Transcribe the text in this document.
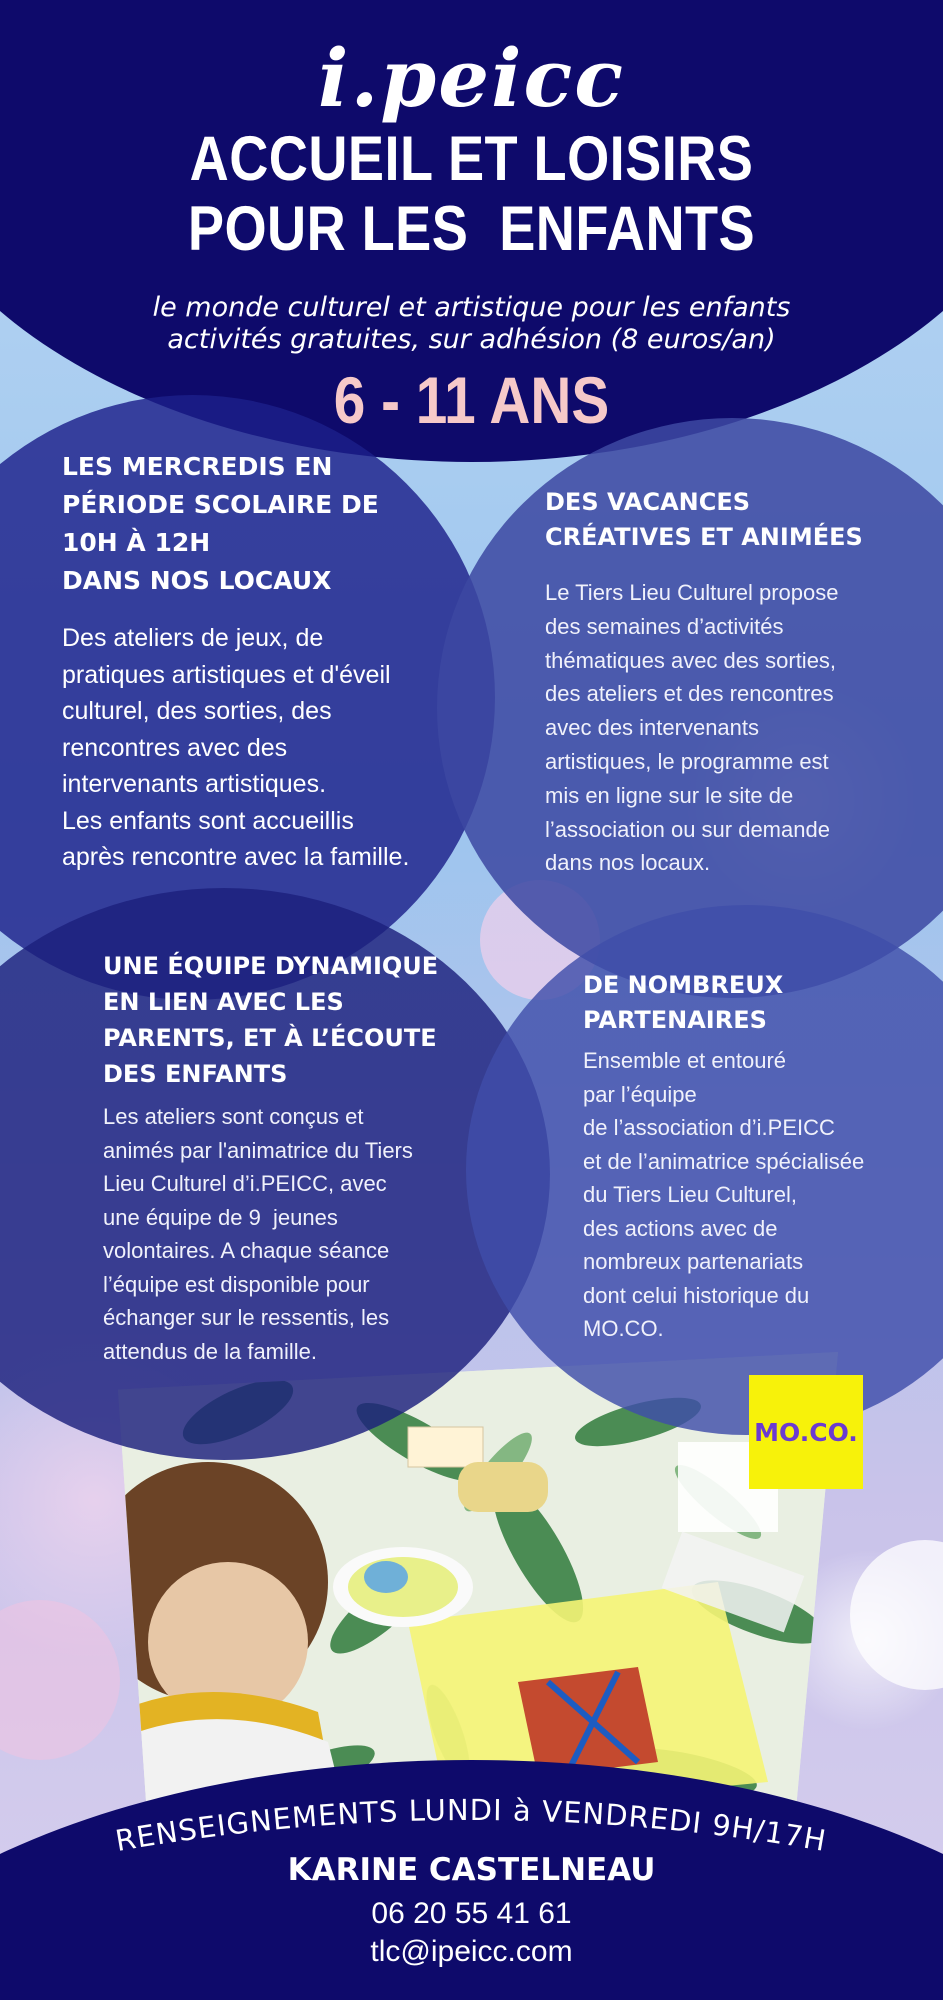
i.peicc
ACCUEIL ET LOISIRS
POUR LES  ENFANTS
le monde culturel et artistique pour les enfants
activités gratuites, sur adhésion (8 euros/an)
6 - 11 ANS
MO.CO.
LES MERCREDIS EN
PÉRIODE SCOLAIRE DE
10H À 12H
DANS NOS LOCAUX
Des ateliers de jeux, de
pratiques artistiques et d'éveil
culturel, des sorties, des
rencontres avec des
intervenants artistiques.
Les enfants sont accueillis
après rencontre avec la famille.
DES VACANCES
CRÉATIVES ET ANIMÉES
Le Tiers Lieu Culturel propose
des semaines d’activités
thématiques avec des sorties,
des ateliers et des rencontres
avec des intervenants
artistiques, le programme est
mis en ligne sur le site de
l’association ou sur demande
dans nos locaux.
UNE ÉQUIPE DYNAMIQUE
EN LIEN AVEC LES
PARENTS, ET À L’ÉCOUTE
DES ENFANTS
Les ateliers sont conçus et
animés par l'animatrice du Tiers
Lieu Culturel d’i.PEICC, avec
une équipe de 9  jeunes
volontaires. A chaque séance
l’équipe est disponible pour
échanger sur le ressentis, les
attendus de la famille.
DE NOMBREUX
PARTENAIRES
Ensemble et entouré
par l’équipe
de l’association d’i.PEICC
et de l’animatrice spécialisée
du Tiers Lieu Culturel,
des actions avec de
nombreux partenariats
dont celui historique du
MO.CO.
RENSEIGNEMENTS LUNDI à VENDREDI 9H/17H
KARINE CASTELNEAU
06 20 55 41 61
tlc@ipeicc.com
